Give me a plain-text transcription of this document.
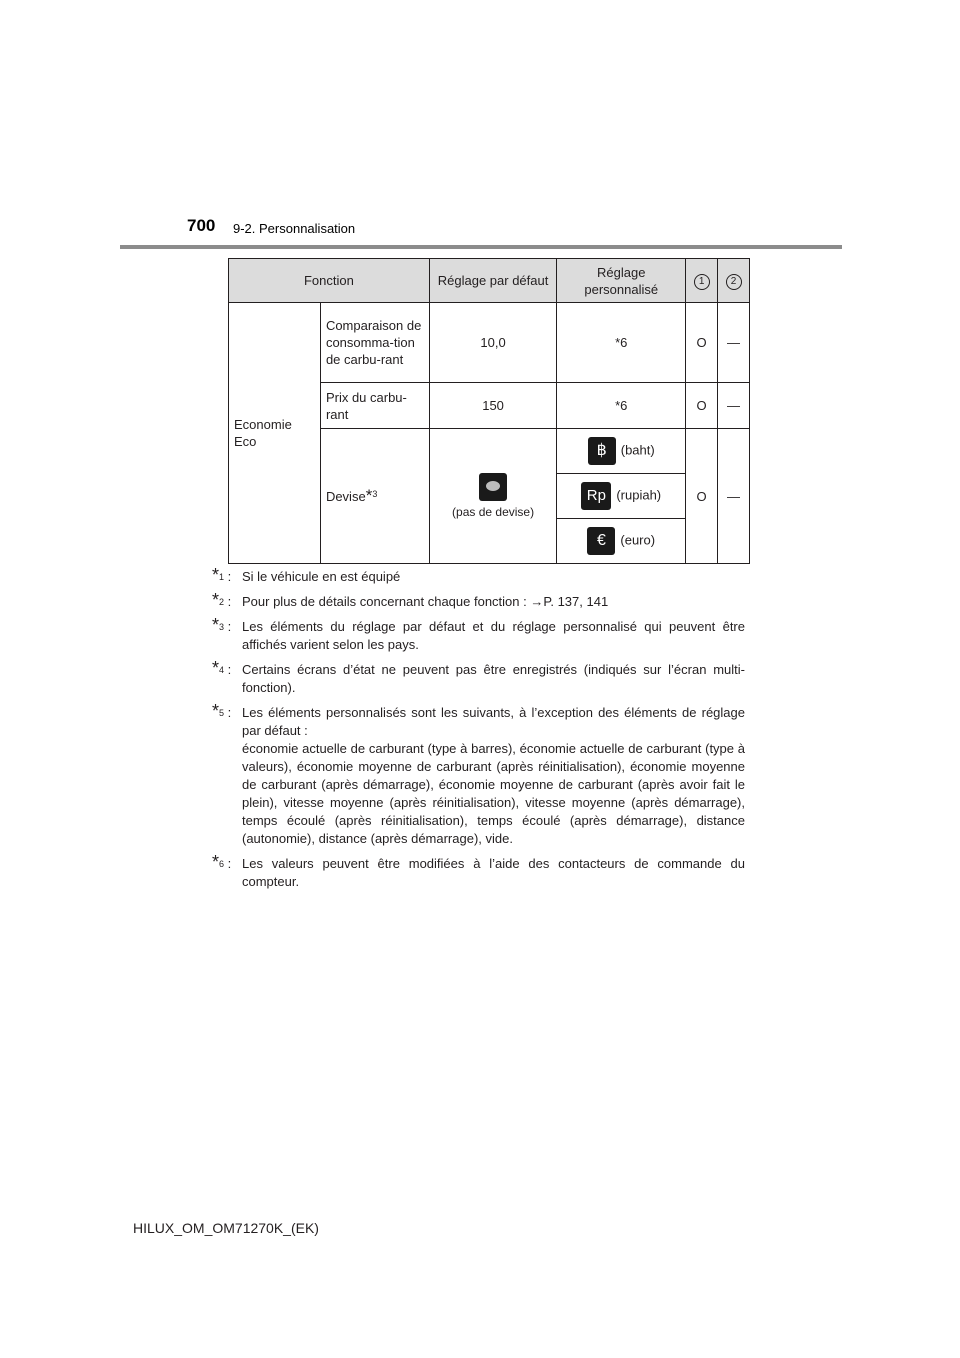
700 9-2. Personnalisation
Fonction		Réglage par défaut	Réglage personnalisé	1	2
Economie Eco	Comparaison de consomma-tion de carbu-rant	10,0	*6	O	—
	Prix du carbu-rant	150	*6	O	—
	Devise*$^3$	(pas de devise)	฿ (baht)	O	—
			Rp (rupiah)		
			€ (euro)		
*$^1$ : Si le véhicule en est équipé

*$^2$ : Pour plus de détails concernant chaque fonction : →P. 137, 141

*$^3$ : Les éléments du réglage par défaut et du réglage personnalisé qui peuvent être affichés varient selon les pays.

*$^4$ : Certains écrans d’état ne peuvent pas être enregistrés (indiqués sur l’écran multi-fonction).

*$^5$ : Les éléments personnalisés sont les suivants, à l’exception des éléments de réglage par défaut :

économie actuelle de carburant (type à barres), économie actuelle de carburant (type à valeurs), économie moyenne de carburant (après réinitialisation), économie moyenne de carburant (après démarrage), économie moyenne de carburant (après avoir fait le plein), vitesse moyenne (après réinitialisation), vitesse moyenne (après démarrage), temps écoulé (après réinitialisation), temps écoulé (après démarrage), distance (autonomie), distance (après démarrage), vide.

*$^6$ : Les valeurs peuvent être modifiées à l’aide des contacteurs de commande du compteur.

HILUX_OM_OM71270K_(EK)
